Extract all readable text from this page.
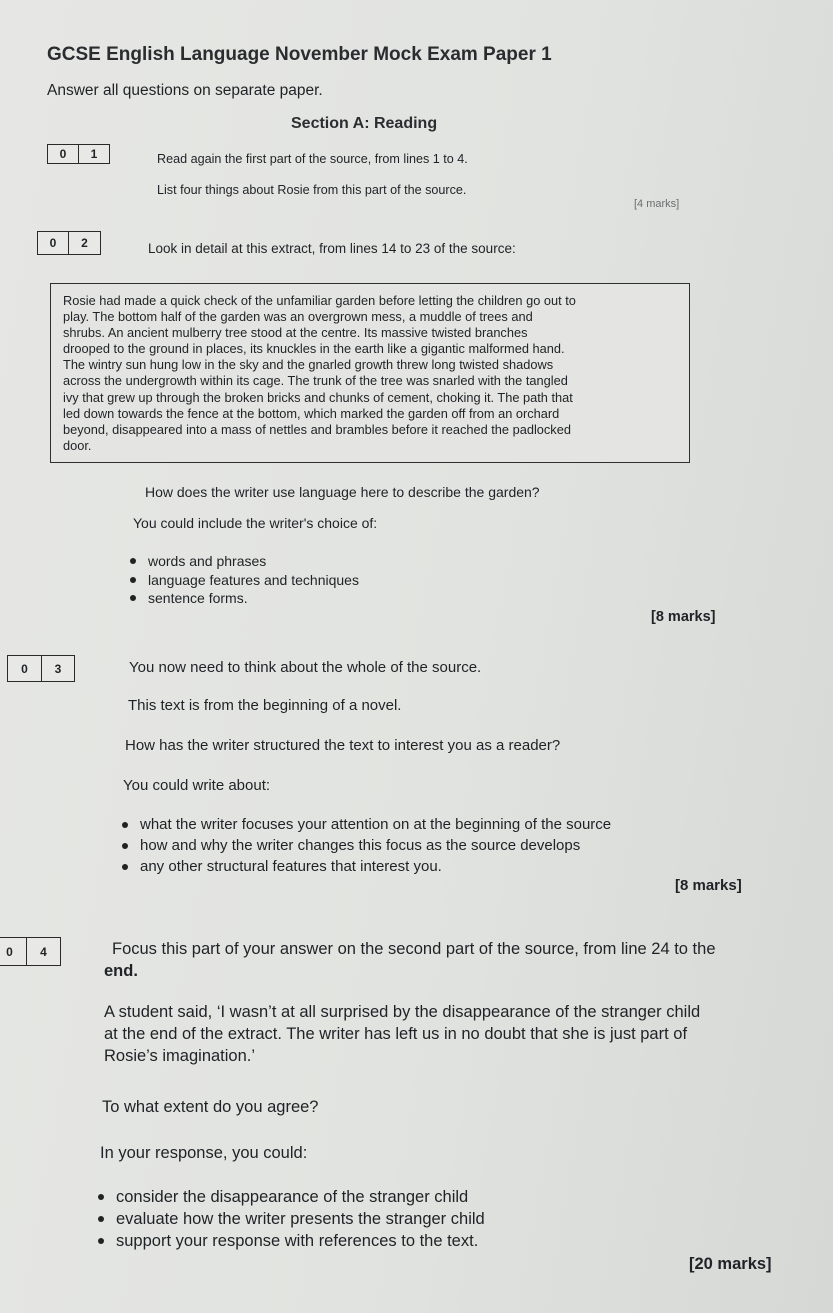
GCSE English Language November Mock Exam Paper 1
Answer all questions on separate paper.
Section A: Reading
0	1	Read again the first part of the source, from lines 1 to 4.
List four things about Rosie from this part of the source.
[4 marks]
0	2	Look in detail at this extract, from lines 14 to 23 of the source:
Rosie had made a quick check of the unfamiliar garden before letting the children go out to
play. The bottom half of the garden was an overgrown mess, a muddle of trees and
shrubs. An ancient mulberry tree stood at the centre. Its massive twisted branches
drooped to the ground in places, its knuckles in the earth like a gigantic malformed hand.
The wintry sun hung low in the sky and the gnarled growth threw long twisted shadows
across the undergrowth within its cage. The trunk of the tree was snarled with the tangled
ivy that grew up through the broken bricks and chunks of cement, choking it. The path that
led down towards the fence at the bottom, which marked the garden off from an orchard
beyond, disappeared into a mass of nettles and brambles before it reached the padlocked
door.
How does the writer use language here to describe the garden?
You could include the writer's choice of:
words and phrases
language features and techniques
sentence forms.
[8 marks]
0	3	You now need to think about the whole of the source.
This text is from the beginning of a novel.
How has the writer structured the text to interest you as a reader?
You could write about:
what the writer focuses your attention on at the beginning of the source
how and why the writer changes this focus as the source develops
any other structural features that interest you.
[8 marks]
0	4	Focus this part of your answer on the second part of the source, from line 24 to the
end.
A student said, ‘I wasn’t at all surprised by the disappearance of the stranger child
at the end of the extract. The writer has left us in no doubt that she is just part of
Rosie’s imagination.’
To what extent do you agree?
In your response, you could:
consider the disappearance of the stranger child
evaluate how the writer presents the stranger child
support your response with references to the text.
[20 marks]
